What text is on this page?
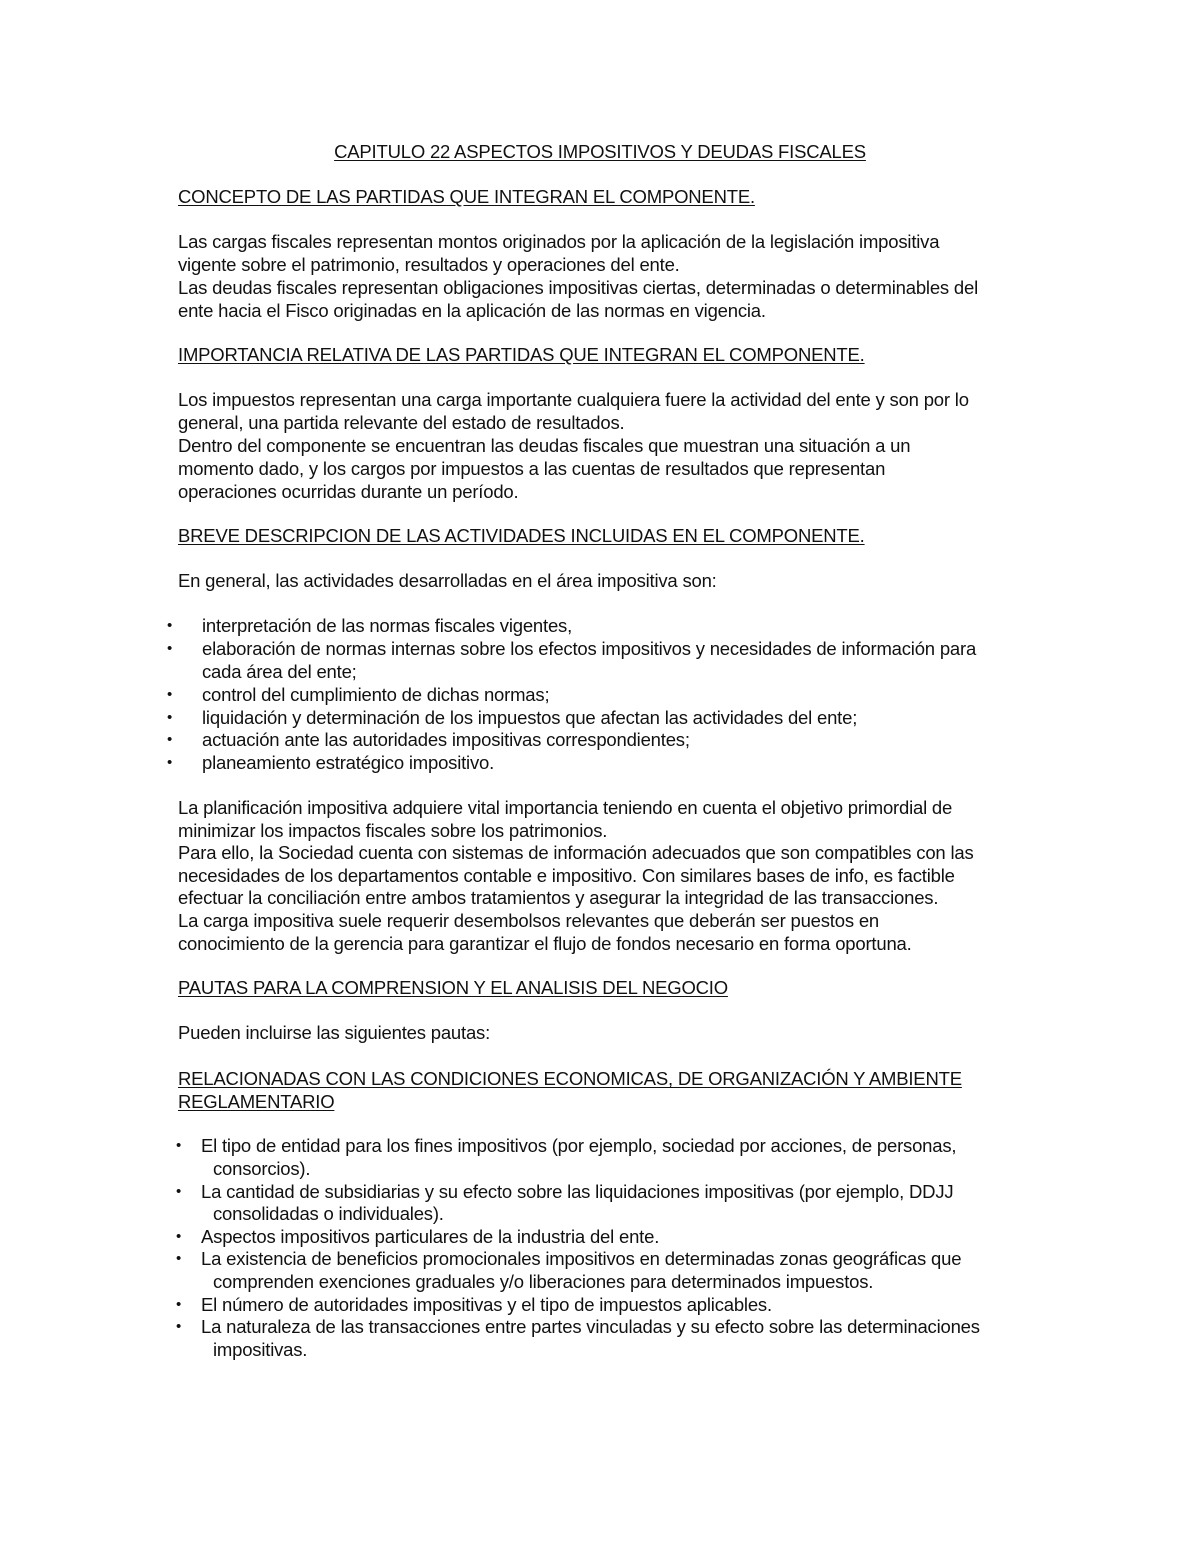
CAPITULO 22 ASPECTOS IMPOSITIVOS Y DEUDAS FISCALES
CONCEPTO DE LAS PARTIDAS QUE INTEGRAN EL COMPONENTE.
Las cargas fiscales representan montos originados por la aplicación de la legislación impositiva
vigente sobre el patrimonio, resultados y operaciones del ente.
Las deudas fiscales representan obligaciones impositivas ciertas, determinadas o determinables del
ente hacia el Fisco originadas en la aplicación de las normas en vigencia.
IMPORTANCIA RELATIVA DE LAS PARTIDAS QUE INTEGRAN EL COMPONENTE.
Los impuestos representan una carga importante cualquiera fuere la actividad del ente y son por lo
general, una partida relevante del estado de resultados.
Dentro del componente se encuentran las deudas fiscales que muestran una situación a un
momento dado, y los cargos por impuestos a las cuentas de resultados que representan
operaciones ocurridas durante un período.
BREVE DESCRIPCION DE LAS ACTIVIDADES INCLUIDAS EN EL COMPONENTE.
En general, las actividades desarrolladas en el área impositiva son:
• interpretación de las normas fiscales vigentes,
• elaboración de normas internas sobre los efectos impositivos y necesidades de información para
cada área del ente;
• control del cumplimiento de dichas normas;
• liquidación y determinación de los impuestos que afectan las actividades del ente;
• actuación ante las autoridades impositivas correspondientes;
• planeamiento estratégico impositivo.
La planificación impositiva adquiere vital importancia teniendo en cuenta el objetivo primordial de
minimizar los impactos fiscales sobre los patrimonios.
Para ello, la Sociedad cuenta con sistemas de información adecuados que son compatibles con las
necesidades de los departamentos contable e impositivo. Con similares bases de info, es factible
efectuar la conciliación entre ambos tratamientos y asegurar la integridad de las transacciones.
La carga impositiva suele requerir desembolsos relevantes que deberán ser puestos en
conocimiento de la gerencia para garantizar el flujo de fondos necesario en forma oportuna.
PAUTAS PARA LA COMPRENSION Y EL ANALISIS DEL NEGOCIO
Pueden incluirse las siguientes pautas:
RELACIONADAS CON LAS CONDICIONES ECONOMICAS, DE ORGANIZACIÓN Y AMBIENTE
REGLAMENTARIO
• El tipo de entidad para los fines impositivos (por ejemplo, sociedad por acciones, de personas,
consorcios).
• La cantidad de subsidiarias y su efecto sobre las liquidaciones impositivas (por ejemplo, DDJJ
consolidadas o individuales).
• Aspectos impositivos particulares de la industria del ente.
• La existencia de beneficios promocionales impositivos en determinadas zonas geográficas que
comprenden exenciones graduales y/o liberaciones para determinados impuestos.
• El número de autoridades impositivas y el tipo de impuestos aplicables.
• La naturaleza de las transacciones entre partes vinculadas y su efecto sobre las determinaciones
impositivas.
